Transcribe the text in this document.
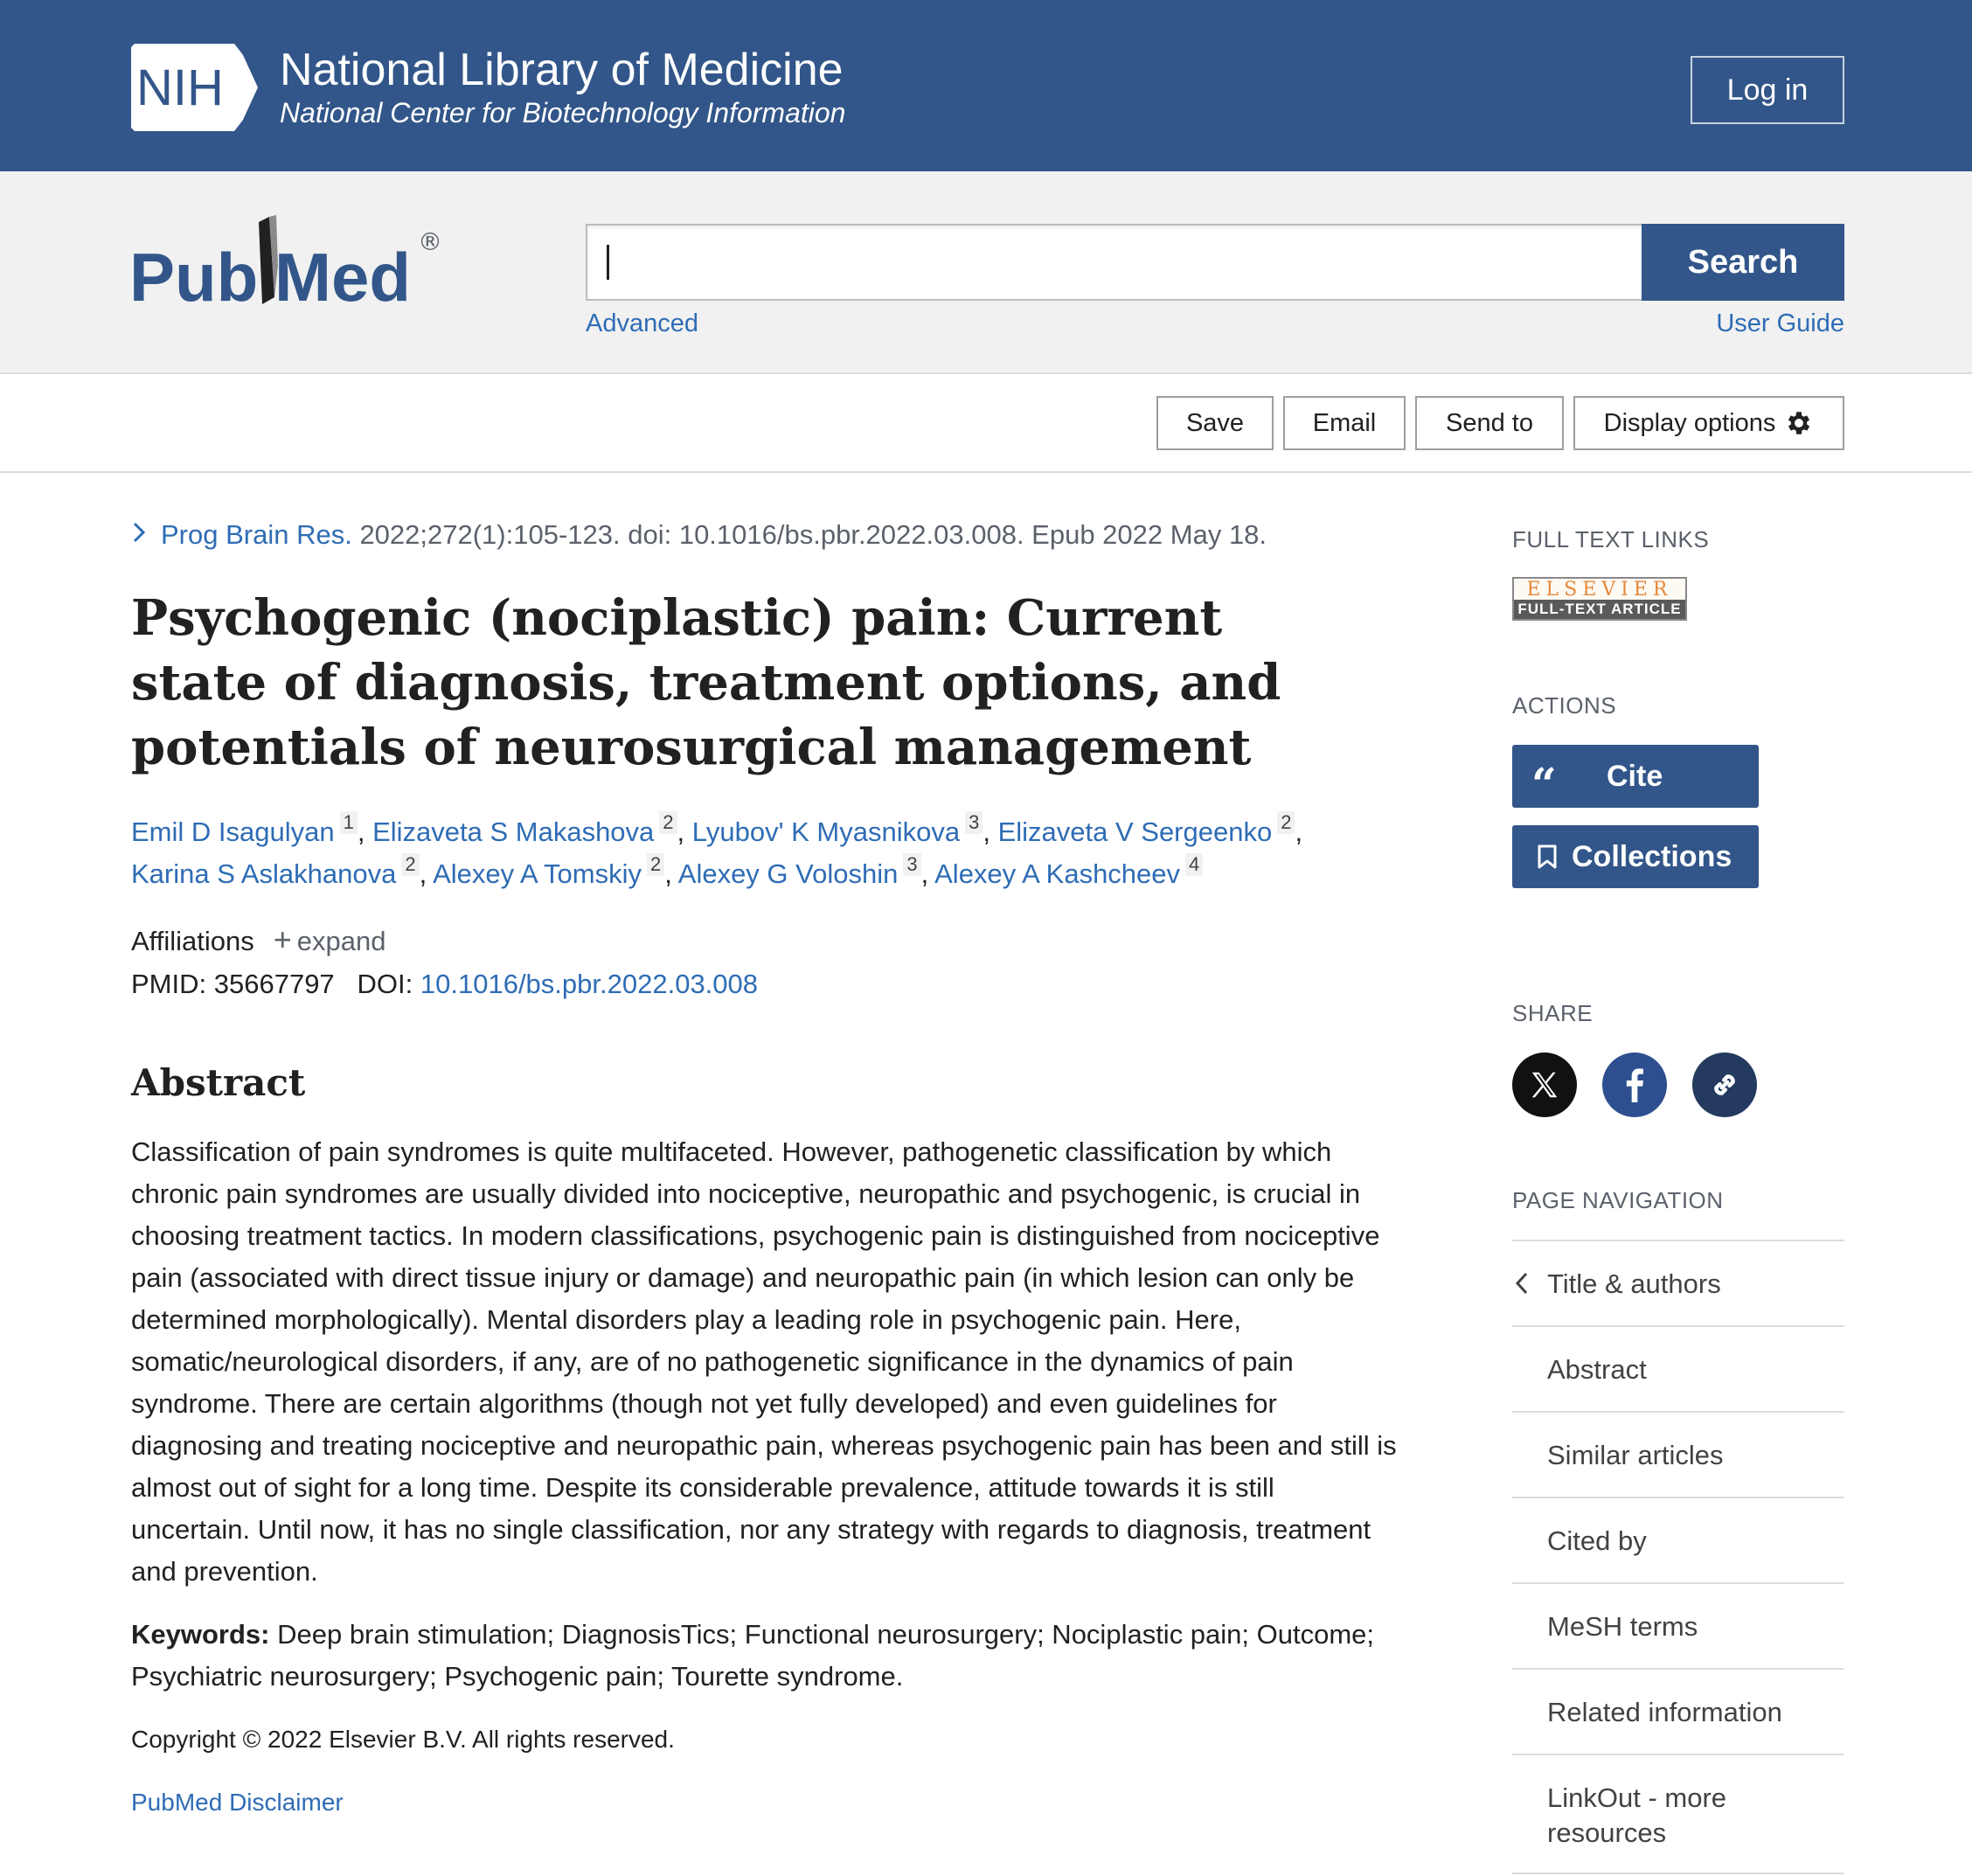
NIH National Library of Medicine
National Center for Biotechnology Information
Log in
Pub Med ®
Search
Advanced	User Guide
Save	Email	Send to	Display options
Prog Brain Res. 2022;272(1):105-123. doi: 10.1016/bs.pbr.2022.03.008. Epub 2022 May 18.
Psychogenic (nociplastic) pain: Current state of diagnosis, treatment options, and potentials of neurosurgical management
Emil D Isagulyan $^1$ , Elizaveta S Makashova $^2$ , Lyubov' K Myasnikova $^3$ , Elizaveta V Sergeenko $^2$ ,
Karina S Aslakhanova $^2$ , Alexey A Tomskiy $^2$ , Alexey G Voloshin $^3$ , Alexey A Kashcheev $^4$
Affiliations + expand
PMID: 35667797 DOI: 10.1016/bs.pbr.2022.03.008
Abstract

Classification of pain syndromes is quite multifaceted. However, pathogenetic classification by which chronic pain syndromes are usually divided into nociceptive, neuropathic and psychogenic, is crucial in choosing treatment tactics. In modern classifications, psychogenic pain is distinguished from nociceptive pain (associated with direct tissue injury or damage) and neuropathic pain (in which lesion can only be determined morphologically). Mental disorders play a leading role in psychogenic pain. Here, somatic/neurological disorders, if any, are of no pathogenetic significance in the dynamics of pain syndrome. There are certain algorithms (though not yet fully developed) and even guidelines for diagnosing and treating nociceptive and neuropathic pain, whereas psychogenic pain has been and still is almost out of sight for a long time. Despite its considerable prevalence, attitude towards it is still uncertain. Until now, it has no single classification, nor any strategy with regards to diagnosis, treatment and prevention.

Keywords: Deep brain stimulation; DiagnosisTics; Functional neurosurgery; Nociplastic pain; Outcome; Psychiatric neurosurgery; Psychogenic pain; Tourette syndrome.

Copyright © 2022 Elsevier B.V. All rights reserved.
PubMed Disclaimer
FULL TEXT LINKS
ELSEVIER
FULL-TEXT ARTICLE
ACTIONS
“	Cite
Collections
SHARE
PAGE NAVIGATION
Title & authors
Abstract
Similar articles
Cited by
MeSH terms
Related information
LinkOut - more resources
